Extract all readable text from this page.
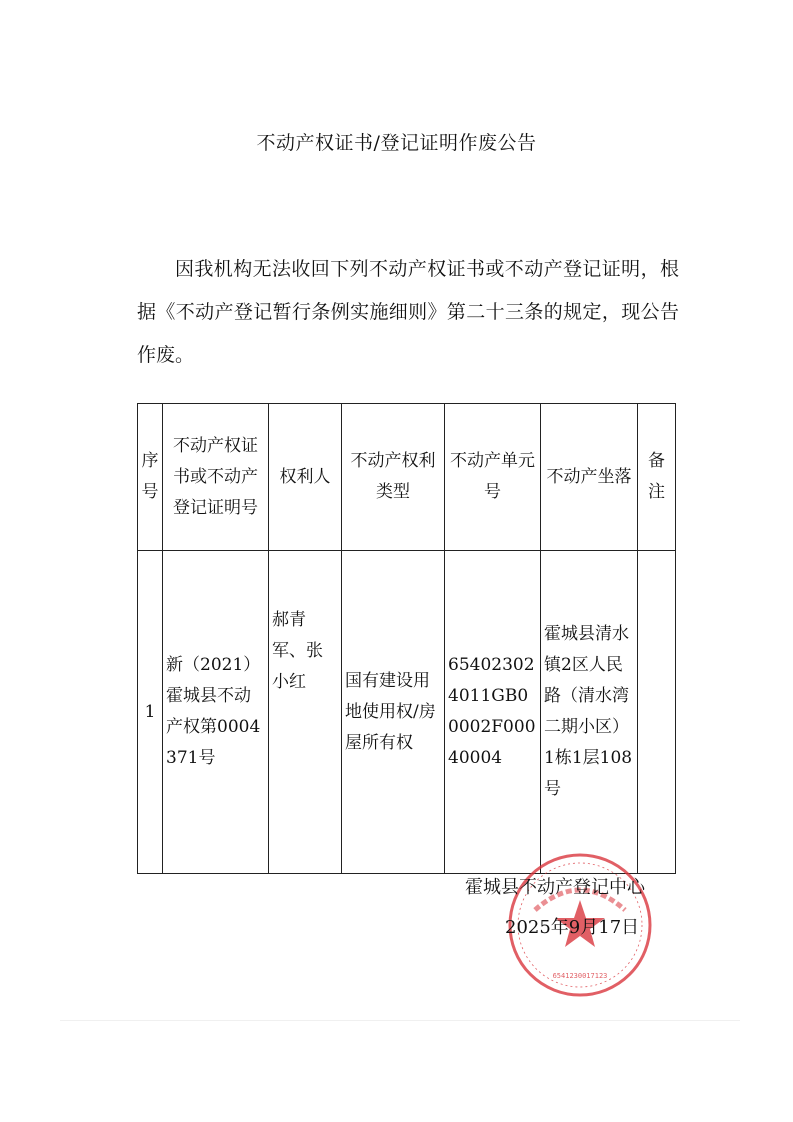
不动产权证书/登记证明作废公告
因我机构无法收回下列不动产权证书或不动产登记证明，根据《不动产登记暂行条例实施细则》第二十三条的规定，现公告作废。
序号	不动产权证书或不动产登记证明号	权利人	不动产权利类型	不动产单元号	不动产坐落	备注
1	新（2021）霍城县不动产权第0004371号	郝青军、张小红	国有建设用地使用权/房屋所有权	654023024011GB00002F00040004	霍城县清水镇2区人民路（清水湾二期小区）1栋1层108号	
6541230017123
霍城县不动产登记中心
2025年9月17日
